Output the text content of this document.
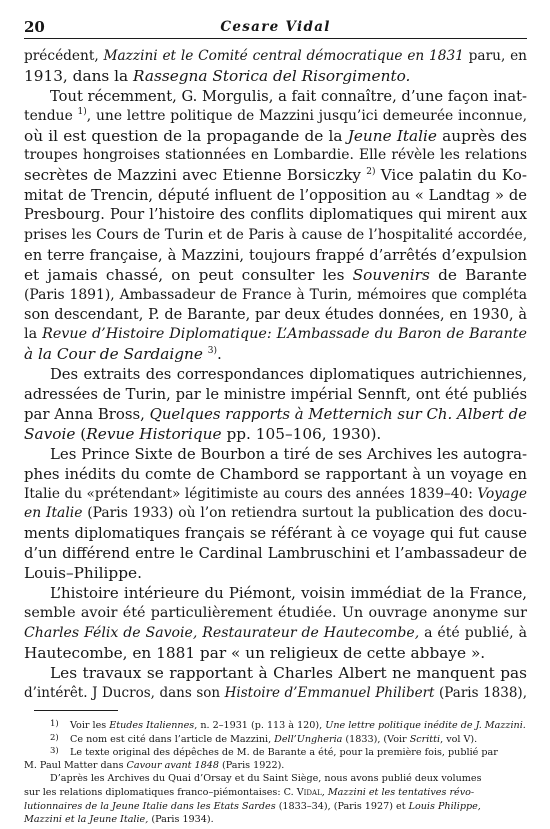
20	Cesare Vidal
précédent, Mazzini et le Comité central démocratique en 1831 paru, en
1913, dans la Rassegna Storica del Risorgimento.
Tout récemment, G. Morgulis, a fait connaître, d’une façon inat-
tendue $^{1)}$, une lettre politique de Mazzini jusqu’ici demeurée inconnue,
où il est question de la propagande de la Jeune Italie auprès des
troupes hongroises stationnées en Lombardie. Elle révèle les relations
secrètes de Mazzini avec Etienne Borsiczky $^{2)}$ Vice palatin du Ko-
mitat de Trencin, député influent de l’opposition au « Landtag » de
Presbourg. Pour l’histoire des conflits diplomatiques qui mirent aux
prises les Cours de Turin et de Paris à cause de l’hospitalité accordée,
en terre française, à Mazzini, toujours frappé d’arrêtés d’expulsion
et jamais chassé, on peut consulter les Souvenirs de Barante
(Paris 1891), Ambassadeur de France à Turin, mémoires que compléta
son descendant, P. de Barante, par deux études données, en 1930, à
la Revue d’Histoire Diplomatique: L’Ambassade du Baron de Barante
à la Cour de Sardaigne $^{3)}$.
Des extraits des correspondances diplomatiques autrichiennes,
adressées de Turin, par le ministre impérial Sennft, ont été publiés
par Anna Bross, Quelques rapports à Metternich sur Ch. Albert de
Savoie (Revue Historique pp. 105–106, 1930).
Les Prince Sixte de Bourbon a tiré de ses Archives les autogra-
phes inédits du comte de Chambord se rapportant à un voyage en
Italie du «prétendant» légitimiste au cours des années 1839–40: Voyage
en Italie (Paris 1933) où l’on retiendra surtout la publication des docu-
ments diplomatiques français se référant à ce voyage qui fut cause
d’un différend entre le Cardinal Lambruschini et l’ambassadeur de
Louis–Philippe.
L’histoire intérieure du Piémont, voisin immédiat de la France,
semble avoir été particulièrement étudiée. Un ouvrage anonyme sur
Charles Félix de Savoie, Restaurateur de Hautecombe, a été publié, à
Hautecombe, en 1881 par « un religieux de cette abbaye ».
Les travaux se rapportant à Charles Albert ne manquent pas
d’intérêt. J Ducros, dans son Histoire d’Emmanuel Philibert (Paris 1838),
1) Voir les Etudes Italiennes, n. 2–1931 (p. 113 à 120), Une lettre politique inédite de J. Mazzini.
2) Ce nom est cité dans l’article de Mazzini, Dell’Ungheria (1833), (Voir Scritti, vol V).
3) Le texte original des dépêches de M. de Barante a été, pour la première fois, publié par
M. Paul Matter dans Cavour avant 1848 (Paris 1922).
D’après les Archives du Quai d’Orsay et du Saint Siège, nous avons publié deux volumes
sur les relations diplomatiques franco–piémontaises: C. Vidal, Mazzini et les tentatives révo-
lutionnaires de la Jeune Italie dans les Etats Sardes (1833–34), (Paris 1927) et Louis Philippe,
Mazzini et la Jeune Italie, (Paris 1934).
